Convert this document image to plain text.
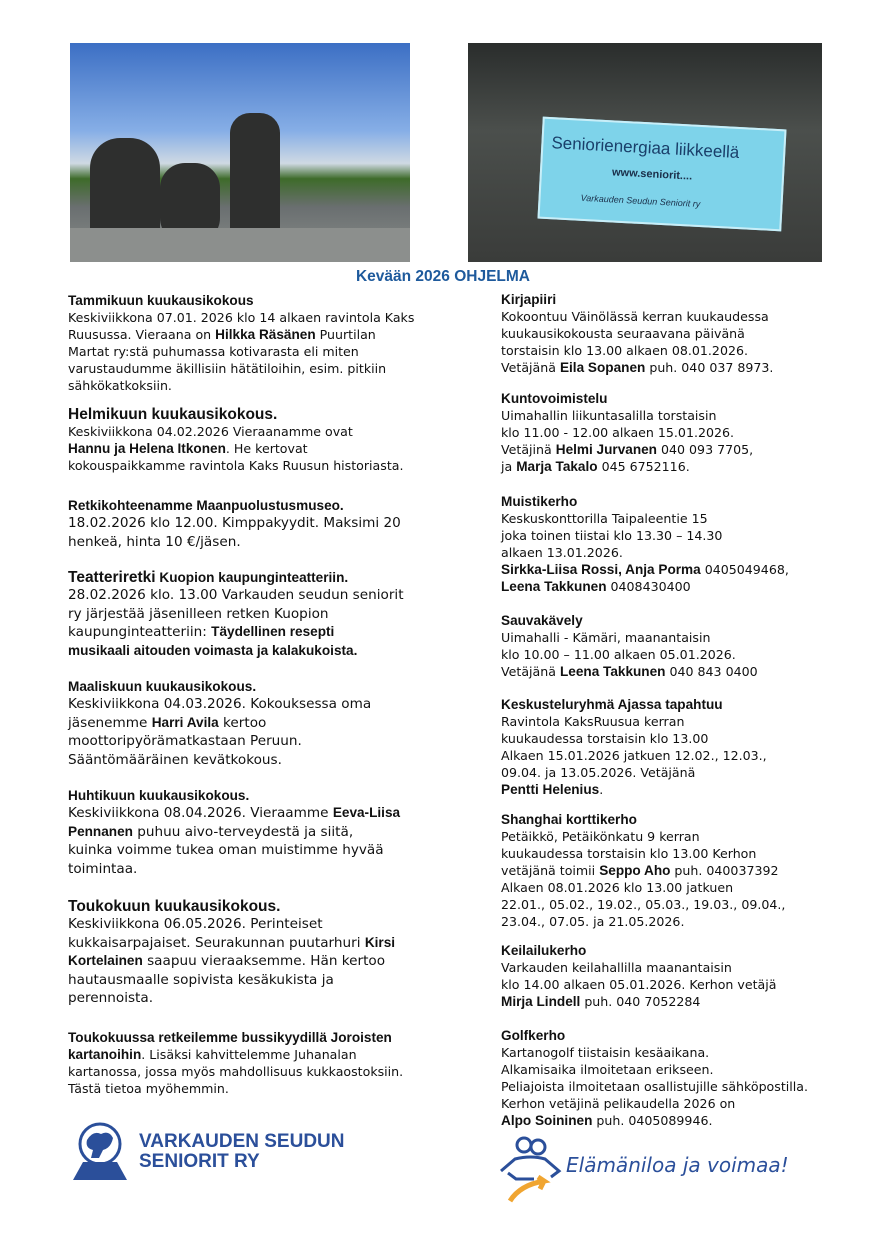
Seniorienergiaa liikkeellä
www.seniorit....
Varkauden Seudun Seniorit ry
Kevään 2026 OHJELMA
Tammikuun kuukausikokous
Keskiviikkona 07.01. 2026 klo 14 alkaen ravintola Kaks
Ruusussa. Vieraana on Hilkka Räsänen Puurtilan
Martat ry:stä puhumassa kotivarasta eli miten
varustaudumme äkillisiin hätätiloihin, esim. pitkiin
sähkökatkoksiin.
Helmikuun kuukausikokous.
Keskiviikkona 04.02.2026 Vieraanamme ovat
Hannu ja Helena Itkonen. He kertovat
kokouspaikkamme ravintola Kaks Ruusun historiasta.
Retkikohteenamme Maanpuolustusmuseo.
18.02.2026 klo 12.00. Kimppakyydit. Maksimi 20
henkeä, hinta 10 €/jäsen.
Teatteriretki Kuopion kaupunginteatteriin.
28.02.2026 klo. 13.00 Varkauden seudun seniorit
ry järjestää jäsenilleen retken Kuopion
kaupunginteatteriin: Täydellinen resepti
musikaali aitouden voimasta ja kalakukoista.
Maaliskuun kuukausikokous.
Keskiviikkona 04.03.2026. Kokouksessa oma
jäsenemme Harri Avila kertoo
moottoripyörämatkastaan Peruun.
Sääntömääräinen kevätkokous.
Huhtikuun kuukausikokous.
Keskiviikkona 08.04.2026. Vieraamme Eeva-Liisa
Pennanen puhuu aivo-terveydestä ja siitä,
kuinka voimme tukea oman muistimme hyvää
toimintaa.
Toukokuun kuukausikokous.
Keskiviikkona 06.05.2026. Perinteiset
kukkaisarpajaiset. Seurakunnan puutarhuri Kirsi
Kortelainen saapuu vieraaksemme. Hän kertoo
hautausmaalle sopivista kesäkukista ja
perennoista.
Toukokuussa retkeilemme bussikyydillä Joroisten
kartanoihin. Lisäksi kahvittelemme Juhanalan
kartanossa, jossa myös mahdollisuus kukkaostoksiin.
Tästä tietoa myöhemmin.
Kirjapiiri
Kokoontuu Väinölässä kerran kuukaudessa
kuukausikokousta seuraavana päivänä
torstaisin klo 13.00 alkaen 08.01.2026.
Vetäjänä Eila Sopanen puh. 040 037 8973.
Kuntovoimistelu
Uimahallin liikuntasalilla torstaisin
klo 11.00 - 12.00 alkaen 15.01.2026.
Vetäjinä Helmi Jurvanen 040 093 7705,
ja Marja Takalo 045 6752116.
Muistikerho
Keskuskonttorilla Taipaleentie 15
joka toinen tiistai klo 13.30 – 14.30
alkaen 13.01.2026.
Sirkka-Liisa Rossi, Anja Porma 0405049468,
Leena Takkunen 0408430400
Sauvakävely
Uimahalli - Kämäri, maanantaisin
klo 10.00 – 11.00 alkaen 05.01.2026.
Vetäjänä Leena Takkunen 040 843 0400
Keskusteluryhmä Ajassa tapahtuu
Ravintola KaksRuusua kerran
kuukaudessa torstaisin klo 13.00
Alkaen 15.01.2026 jatkuen 12.02., 12.03.,
09.04. ja 13.05.2026. Vetäjänä
Pentti Helenius.
Shanghai korttikerho
Petäikkö, Petäikönkatu 9 kerran
kuukaudessa torstaisin klo 13.00 Kerhon
vetäjänä toimii Seppo Aho puh. 040037392
Alkaen 08.01.2026 klo 13.00 jatkuen
22.01., 05.02., 19.02., 05.03., 19.03., 09.04.,
23.04., 07.05. ja 21.05.2026.
Keilailukerho
Varkauden keilahallilla maanantaisin
klo 14.00 alkaen 05.01.2026. Kerhon vetäjä
Mirja Lindell puh. 040 7052284
Golfkerho
Kartanogolf tiistaisin kesäaikana.
Alkamisaika ilmoitetaan erikseen.
Peliajoista ilmoitetaan osallistujille sähköpostilla.
Kerhon vetäjinä pelikaudella 2026 on
Alpo Soininen puh. 0405089946.
VARKAUDEN SEUDUN
SENIORIT RY	Elämäniloa ja voimaa!
